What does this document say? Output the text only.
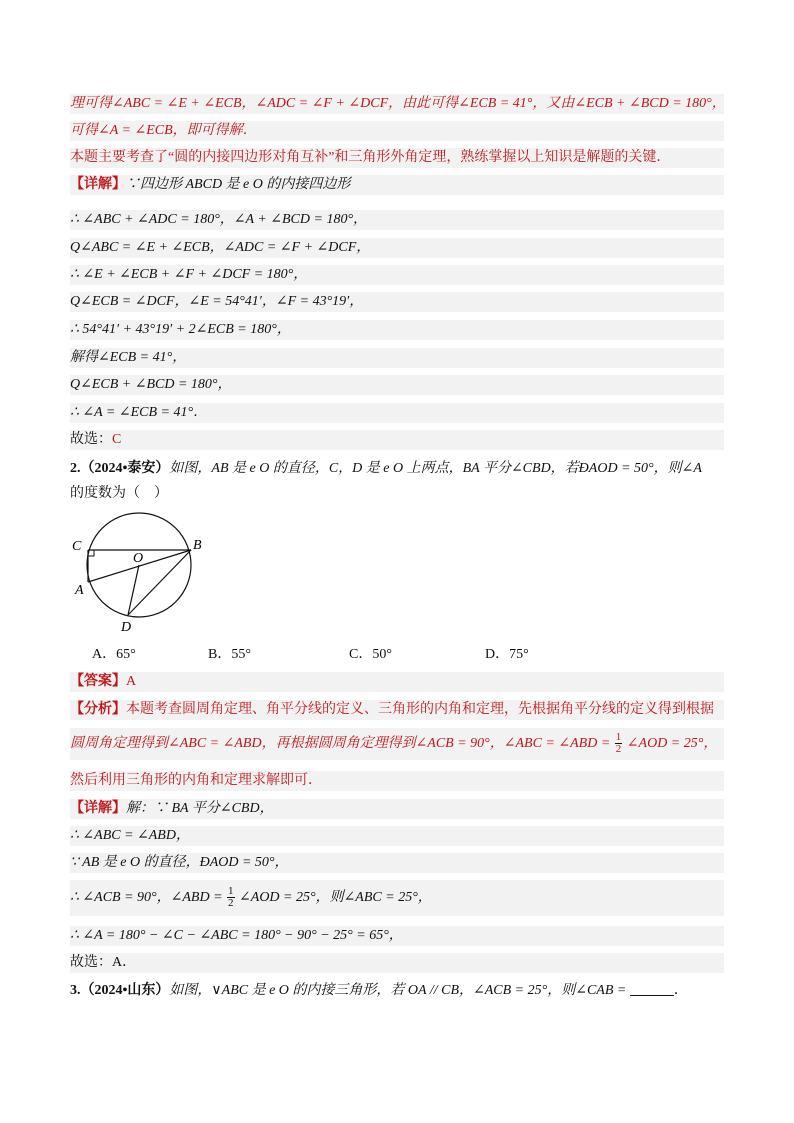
理可得∠ABC = ∠E + ∠ECB，∠ADC = ∠F + ∠DCF，由此可得∠ECB = 41°，又由∠ECB + ∠BCD = 180°，
可得∠A = ∠ECB，即可得解．
本题主要考查了“圆的内接四边形对角互补”和三角形外角定理，熟练掌握以上知识是解题的关键．
【详解】∵四边形 ABCD 是 e O 的内接四边形
∴ ∠ABC + ∠ADC = 180°，∠A + ∠BCD = 180°，
Q∠ABC = ∠E + ∠ECB，∠ADC = ∠F + ∠DCF，
∴ ∠E + ∠ECB + ∠F + ∠DCF = 180°，
Q∠ECB = ∠DCF，∠E = 54°41′，∠F = 43°19′，
∴ 54°41′ + 43°19′ + 2∠ECB = 180°，
解得∠ECB = 41°，
Q∠ECB + ∠BCD = 180°，
∴ ∠A = ∠ECB = 41°．
故选：C
2.（2024•泰安）如图，AB 是 e O 的直径，C，D 是 e O 上两点，BA 平分∠CBD，若ÐAOD = 50°，则∠A
的度数为（　）
C
O
B
A
D
A．65°	B．55°	C．50°	D．75°
【答案】A
【分析】本题考查圆周角定理、角平分线的定义、三角形的内角和定理，先根据角平分线的定义得到根据
圆周角定理得到∠ABC = ∠ABD，再根据圆周角定理得到∠ACB = 90°，∠ABC = ∠ABD = $\frac{1}{2}$ ∠AOD = 25°，
然后利用三角形的内角和定理求解即可．
【详解】解：∵ BA 平分∠CBD，
∴ ∠ABC = ∠ABD，
∵ AB 是 e O 的直径，ÐAOD = 50°，
∴ ∠ACB = 90°，∠ABD = $\frac{1}{2}$ ∠AOD = 25°，则∠ABC = 25°，
∴ ∠A = 180° − ∠C − ∠ABC = 180° − 90° − 25° = 65°，
故选：A．
3.（2024•山东）如图，∨ABC 是 e O 的内接三角形，若 OA // CB，∠ACB = 25°，则∠CAB =	．
